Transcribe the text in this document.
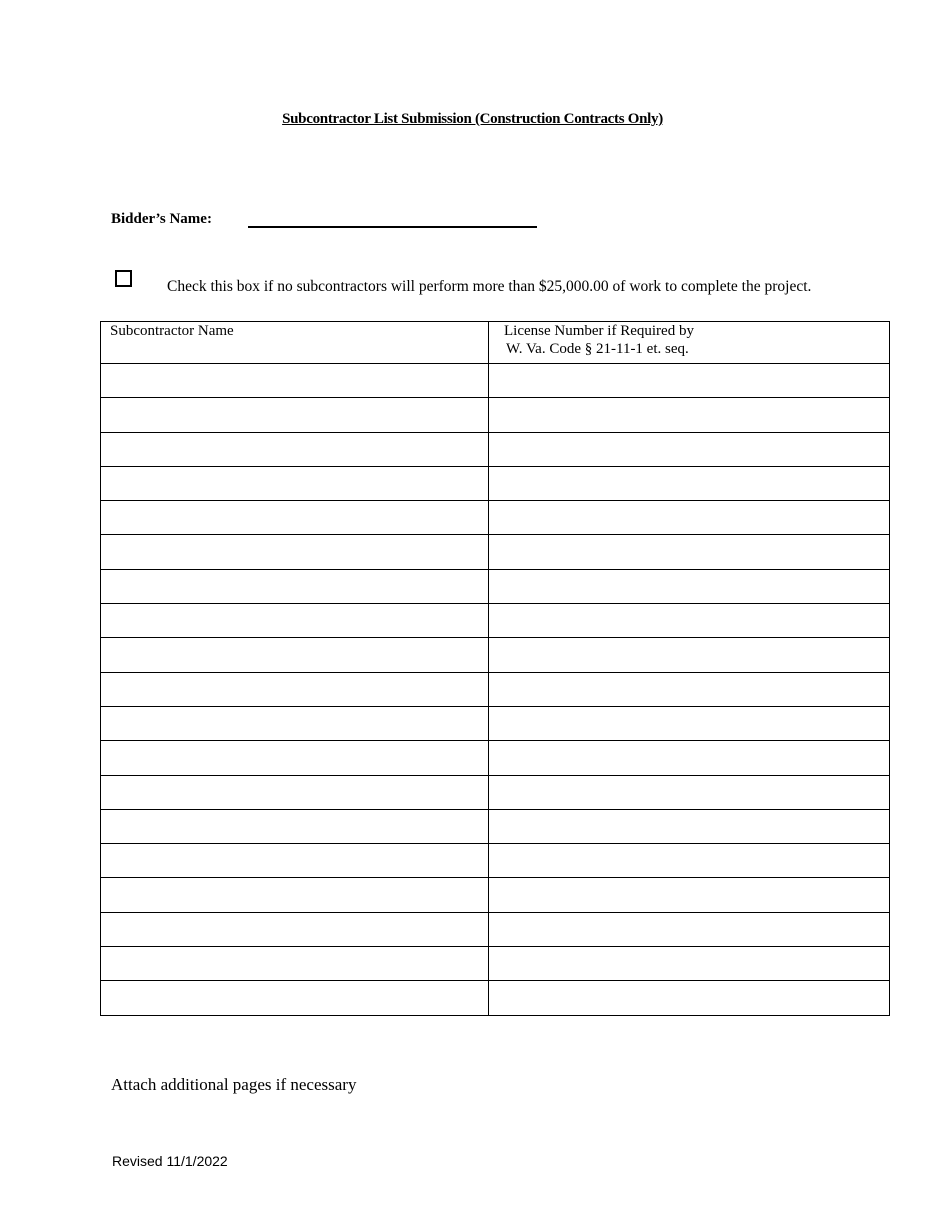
Subcontractor List Submission (Construction Contracts Only)
Bidder’s Name:
Check this box if no subcontractors will perform more than $25,000.00 of work to complete the project.
Subcontractor Name	License Number if Required by
W. Va. Code § 21-11-1 et. seq.

Attach additional pages if necessary
Revised 11/1/2022
